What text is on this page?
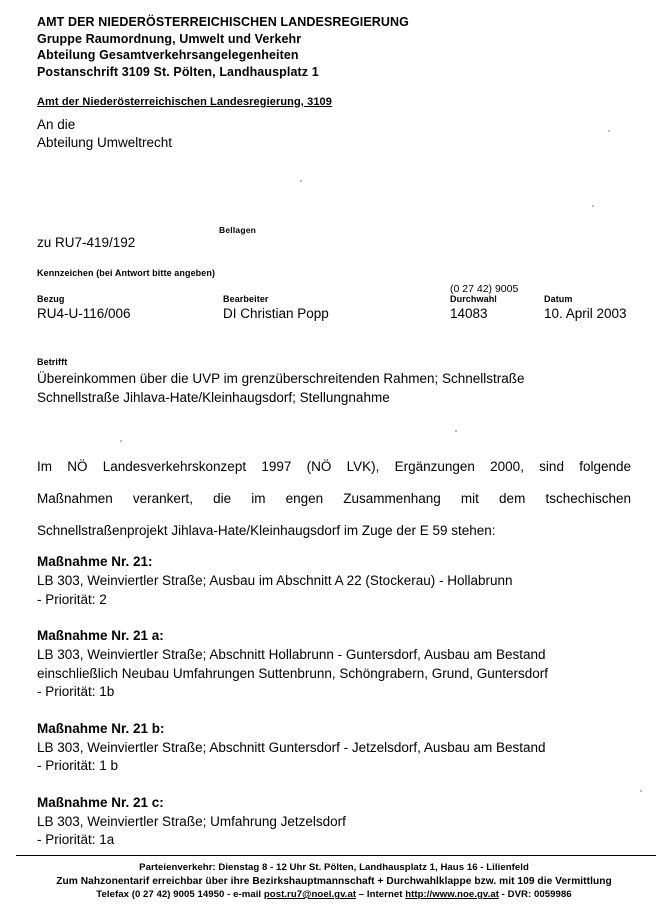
AMT DER NIEDERÖSTERREICHISCHEN LANDESREGIERUNG
Gruppe Raumordnung, Umwelt und Verkehr
Abteilung Gesamtverkehrsangelegenheiten
Postanschrift 3109 St. Pölten, Landhausplatz 1
Amt der Niederösterreichischen Landesregierung, 3109
An die
Abteilung Umweltrecht
Bellagen
zu RU7-419/192
Kennzeichen (bei Antwort bitte angeben)
(0 27 42) 9005
Bezug
RU4-U-116/006
Bearbeiter
DI Christian Popp
Durchwahl
14083
Datum
10. April 2003
Betrifft
Übereinkommen über die UVP im grenzüberschreitenden Rahmen; Schnellstraße
Schnellstraße Jihlava-Hate/Kleinhaugsdorf; Stellungnahme
Im NÖ Landesverkehrskonzept 1997 (NÖ LVK), Ergänzungen 2000, sind folgende
Maßnahmen verankert, die im engen Zusammenhang mit dem tschechischen
Schnellstraßenprojekt Jihlava-Hate/Kleinhaugsdorf im Zuge der E 59 stehen:
Maßnahme Nr. 21:
LB 303, Weinviertler Straße; Ausbau im Abschnitt A 22 (Stockerau) - Hollabrunn
- Priorität: 2
Maßnahme Nr. 21 a:
LB 303, Weinviertler Straße; Abschnitt Hollabrunn - Guntersdorf, Ausbau am Bestand
einschließlich Neubau Umfahrungen Suttenbrunn, Schöngrabern, Grund, Guntersdorf
- Priorität: 1b
Maßnahme Nr. 21 b:
LB 303, Weinviertler Straße; Abschnitt Guntersdorf - Jetzelsdorf, Ausbau am Bestand
- Priorität: 1 b
Maßnahme Nr. 21 c:
LB 303, Weinviertler Straße; Umfahrung Jetzelsdorf
- Priorität: 1a
Parteienverkehr: Dienstag 8 - 12 Uhr St. Pölten, Landhausplatz 1, Haus 16 - Lilienfeld
Zum Nahzonentarif erreichbar über ihre Bezirkshauptmannschaft + Durchwahlklappe bzw. mit 109 die Vermittlung
Telefax (0 27 42) 9005 14950 - e-mail post.ru7@noel.gv.at – Internet http://www.noe.gv.at - DVR: 0059986
